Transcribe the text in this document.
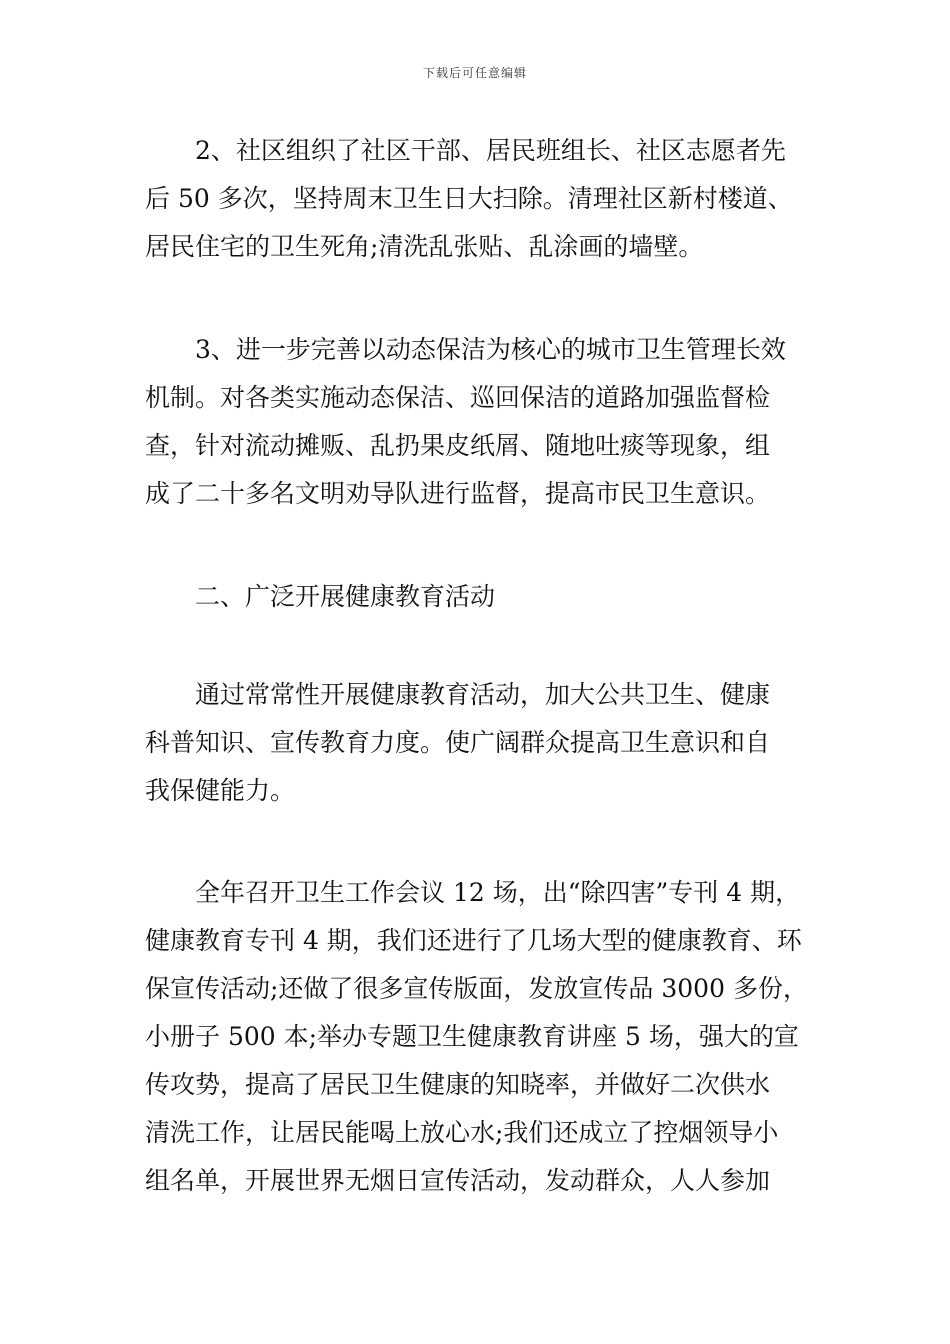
下载后可任意编辑
2、社区组织了社区干部、居民班组长、社区志愿者先
后 50 多次，坚持周末卫生日大扫除。清理社区新村楼道、
居民住宅的卫生死角;清洗乱张贴、乱涂画的墙壁。
3、进一步完善以动态保洁为核心的城市卫生管理长效
机制。对各类实施动态保洁、巡回保洁的道路加强监督检
查，针对流动摊贩、乱扔果皮纸屑、随地吐痰等现象，组
成了二十多名文明劝导队进行监督，提高市民卫生意识。
二、广泛开展健康教育活动
通过常常性开展健康教育活动，加大公共卫生、健康
科普知识、宣传教育力度。使广阔群众提高卫生意识和自
我保健能力。
全年召开卫生工作会议 12 场，出“除四害”专刊 4 期，
健康教育专刊 4 期，我们还进行了几场大型的健康教育、环
保宣传活动;还做了很多宣传版面，发放宣传品 3000 多份，
小册子 500 本;举办专题卫生健康教育讲座 5 场，强大的宣
传攻势，提高了居民卫生健康的知晓率，并做好二次供水
清洗工作，让居民能喝上放心水;我们还成立了控烟领导小
组名单，开展世界无烟日宣传活动，发动群众，人人参加
